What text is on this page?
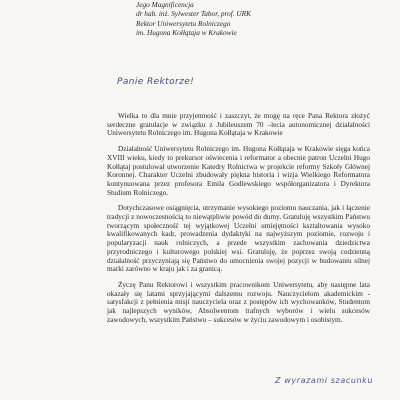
Jego Magnificencja
dr hab. inż. Sylwester Tabor, prof. URK
Rektor Uniwersytetu Rolniczego
im. Hugona Kołłątaja w Krakowie
Panie Rektorze!

Wielka to dla mnie przyjemność i zaszczyt, że mogę na ręce Pana Rektora złożyć serdeczne gratulacje w związku z Jubileuszem 70 –lecia autonomicznej działalności Uniwersytetu Rolniczego im. Hugona Kołłątaja w Krakowie

Działalność Uniwersytetu Rolniczego im. Hugona Kołłątaja w Krakowie sięga końca XVIII wieku, kiedy to prekursor oświecenia i reformator a obecnie patron Uczelni Hugo Kołłątaj postulował utworzenie Katedry Rolnictwa w projekcie reformy Szkoły Głównej Koronnej. Charakter Uczelni zbudowały piękna historia i wizja Wielkiego Reformatora kontynuowana przez profesora Emila Godlewskiego współorganizatora i Dyrektora Studium Rolniczego.

Dotychczasowe osiągnięcia, utrzymanie wysokiego poziomu nauczania, jak i łączenie tradycji z nowoczesnością to niewątpliwie powód do dumy. Gratuluję wszystkim Państwu tworzącym społeczność tej wyjątkowej Uczelni umiejętności ksztaltowania wysoko kwalifikowanych kadr, prowadzenia dydaktyki na najwyższym poziomie, rozwoju i popularyzacji nauk rolniczych, a przede wszystkim zachowania dziedzictwa przyrodniczego i kulturowego polskiej wsi. Gratuluję, że poprzez swoją codzienną działalność przyczyniają się Państwo do umocnienia swojej pozycji w budowaniu silnej marki zarówno w kraju jak i za granicą.

Życzę Panu Rektorowi i wszystkim pracownikom Uniwersytetu, aby następne lata okazały się latami sprzyjającymi dalszemu rozwoju. Nauczycielom akademickim - satysfakcji z pełnienia misji nauczyciela oraz z postępów ich wychowanków, Studentom jak najlepszych wyników, Absolwentom trafnych wyborów i wielu sukcesów zawodowych, wszystkim Państwu – sukcesów w życiu zawodowym i osobistym.

Z wyrazami szacunku
